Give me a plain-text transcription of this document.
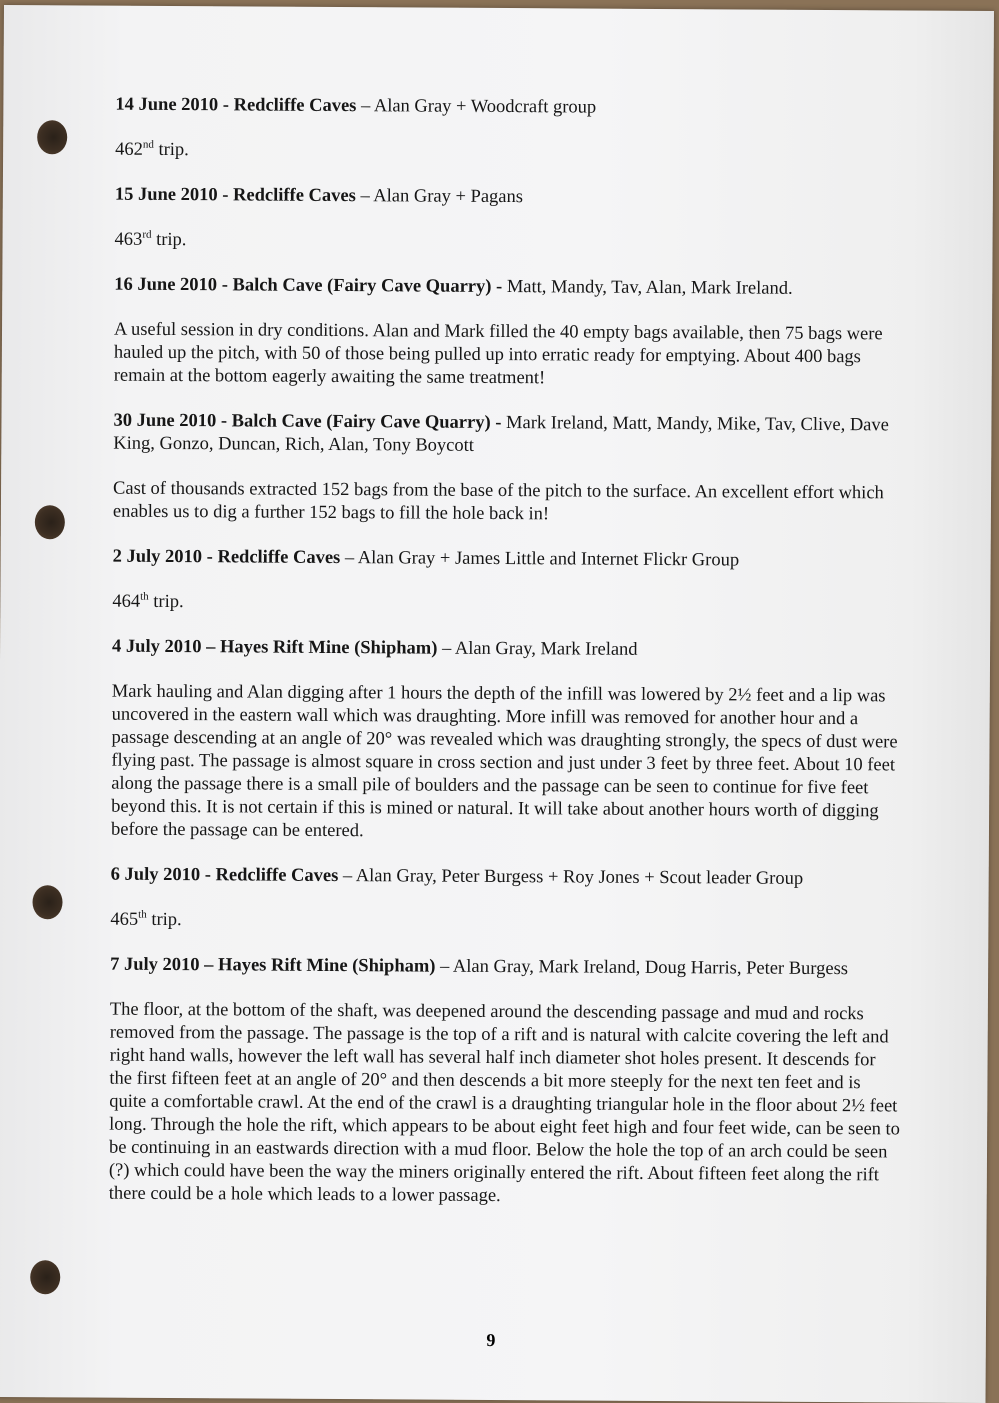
14 June 2010 - Redcliffe Caves – Alan Gray + Woodcraft group

462nd trip.

15 June 2010 - Redcliffe Caves – Alan Gray + Pagans

463rd trip.

16 June 2010 - Balch Cave (Fairy Cave Quarry) - Matt, Mandy, Tav, Alan, Mark Ireland.

A useful session in dry conditions. Alan and Mark filled the 40 empty bags available, then 75 bags were hauled up the pitch, with 50 of those being pulled up into erratic ready for emptying. About 400 bags remain at the bottom eagerly awaiting the same treatment!

30 June 2010 - Balch Cave (Fairy Cave Quarry) - Mark Ireland, Matt, Mandy, Mike, Tav, Clive, Dave King, Gonzo, Duncan, Rich, Alan, Tony Boycott

Cast of thousands extracted 152 bags from the base of the pitch to the surface. An excellent effort which enables us to dig a further 152 bags to fill the hole back in!

2 July 2010 - Redcliffe Caves – Alan Gray + James Little and Internet Flickr Group

464th trip.

4 July 2010 – Hayes Rift Mine (Shipham) – Alan Gray, Mark Ireland

Mark hauling and Alan digging after 1 hours the depth of the infill was lowered by 2½ feet and a lip was uncovered in the eastern wall which was draughting. More infill was removed for another hour and a passage descending at an angle of 20° was revealed which was draughting strongly, the specs of dust were flying past. The passage is almost square in cross section and just under 3 feet by three feet. About 10 feet along the passage there is a small pile of boulders and the passage can be seen to continue for five feet beyond this. It is not certain if this is mined or natural. It will take about another hours worth of digging before the passage can be entered.

6 July 2010 - Redcliffe Caves – Alan Gray, Peter Burgess + Roy Jones + Scout leader Group

465th trip.

7 July 2010 – Hayes Rift Mine (Shipham) – Alan Gray, Mark Ireland, Doug Harris, Peter Burgess

The floor, at the bottom of the shaft, was deepened around the descending passage and mud and rocks removed from the passage. The passage is the top of a rift and is natural with calcite covering the left and right hand walls, however the left wall has several half inch diameter shot holes present. It descends for the first fifteen feet at an angle of 20° and then descends a bit more steeply for the next ten feet and is quite a comfortable crawl. At the end of the crawl is a draughting triangular hole in the floor about 2½ feet long. Through the hole the rift, which appears to be about eight feet high and four feet wide, can be seen to be continuing in an eastwards direction with a mud floor. Below the hole the top of an arch could be seen (?) which could have been the way the miners originally entered the rift. About fifteen feet along the rift there could be a hole which leads to a lower passage.

9
